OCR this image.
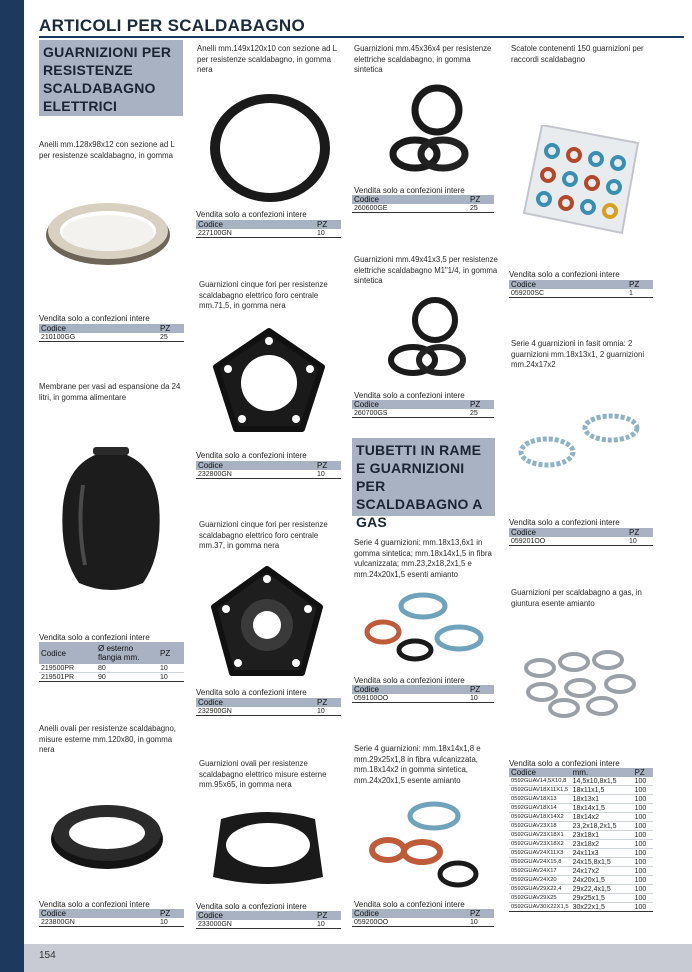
154
ARTICOLI PER SCALDABAGNO
GUARNIZIONI PER RESISTENZE SCALDABAGNO ELETTRICI
Anelli mm.128x98x12 con sezione ad L per resistenze scaldabagno, in gomma
Vendita solo a confezioni intere
Codice	PZ
210100GG	25
Membrane per vasi ad espansione da 24 litri, in gomma alimentare
Vendita solo a confezioni intere
Codice	Ø esterno flangia mm.	PZ
219500PR	80	10
219501PR	90	10
Anelli ovali per resistenze scaldabagno, misure esterne mm.120x80, in gomma nera
Vendita solo a confezioni intere
Codice	PZ
223800GN	10
Anelli mm.149x120x10 con sezione ad L per resistenze scaldabagno, in gomma nera
Vendita solo a confezioni intere
Codice	PZ
227100GN	10
Guarnizioni cinque fori per resistenze scaldabagno elettrico foro centrale mm.71,5, in gomma nera
Vendita solo a confezioni intere
Codice	PZ
232800GN	10
Guarnizioni cinque fori per resistenze scaldabagno elettrico foro centrale mm.37, in gomma nera
Vendita solo a confezioni intere
Codice	PZ
232900GN	10
Guarnizioni ovali per resistenze scaldabagno elettrico misure esterne mm.95x65, in gomma nera
Vendita solo a confezioni intere
Codice	PZ
233000GN	10
Guarnizioni mm.45x36x4 per resistenze elettriche scaldabagno, in gomma sintetica
Vendita solo a confezioni intere
Codice	PZ
260600GE	25
Guarnizioni mm.49x41x3,5 per resistenze elettriche scaldabagno M1"1/4, in gomma sintetica
Vendita solo a confezioni intere
Codice	PZ
260700GS	25
TUBETTI IN RAME E GUARNIZIONI PER SCALDABAGNO A GAS
Serie 4 guarnizioni: mm.18x13,6x1 in gomma sintetica; mm.18x14x1,5 in fibra vulcanizzata; mm.23,2x18,2x1,5 e mm.24x20x1,5 esenti amianto
Vendita solo a confezioni intere
Codice	PZ
059100OO	10
Serie 4 guarnizioni: mm.18x14x1,8 e mm.29x25x1,8 in fibra vulcanizzata, mm.18x14x2 in gomma sintetica, mm.24x20x1,5 esente amianto
Vendita solo a confezioni intere
Codice	PZ
059200OO	10
Scatole contenenti 150 guarnizioni per raccordi scaldabagno
Vendita solo a confezioni intere
Codice	PZ
059200SC	1
Serie 4 guarnizioni in fasit omnia: 2 guarnizioni mm.18x13x1, 2 guarnizioni mm.24x17x2
Vendita solo a confezioni intere
Codice	PZ
059201OO	10
Guarnizioni per scaldabagno a gas, in giuntura esente amianto
Vendita solo a confezioni intere
Codice	mm.	PZ
0592GUAV14,5X10,8	14,5x10,8x1,5	100
0592GUAV18X11X1,5	18x11x1,5	100
0592GUAV18X13	18x13x1	100
0592GUAV18X14	18x14x1,5	100
0592GUAV18X14X2	18x14x2	100
0592GUAV23X18	23,2x18,2x1,5	100
0592GUAV23X18X1	23x18x1	100
0592GUAV23X18X2	23x18x2	100
0592GUAV24X11X3	24x11x3	100
0592GUAV24X15,8	24x15,8x1,5	100
0592GUAV24X17	24x17x2	100
0592GUAV24X20	24x20x1,5	100
0592GUAV29X22,4	29x22,4x1,5	100
0592GUAV29X25	29x25x1,5	100
0592GUAV30X22X1,5	30x22x1,5	100
